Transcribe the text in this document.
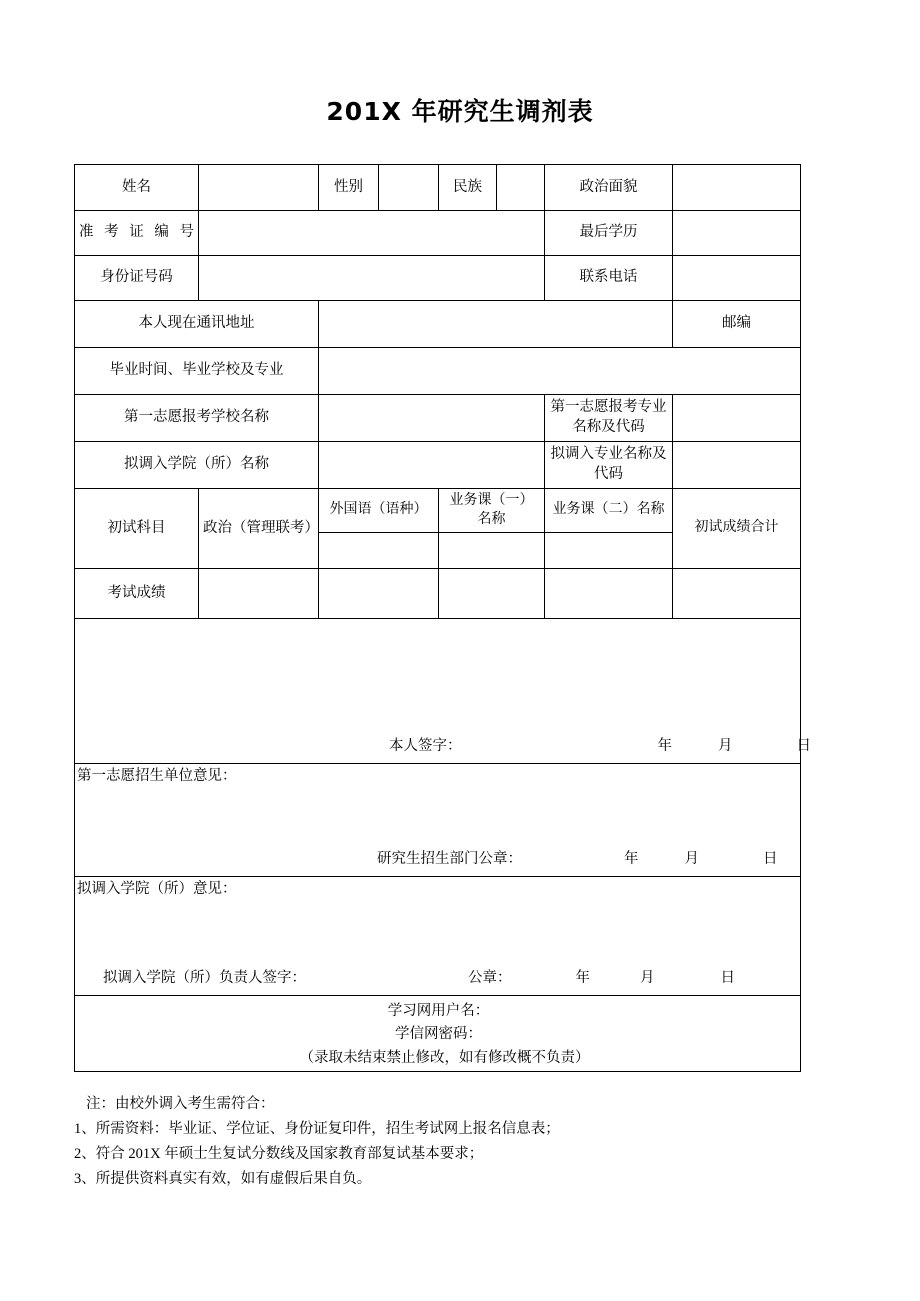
201X 年研究生调剂表
姓名		性别		民族		政治面貌	
准考证编号						最后学历	
身份证号码						联系电话	
本人现在通讯地址							邮编
毕业时间、毕业学校及专业							
第一志愿报考学校名称						第一志愿报考专业名称及代码	
拟调入学院（所）名称						拟调入专业名称及代码	
初试科目	政治（管理联考）	外国语（语种）		业务课（一）名称		业务课（二）名称	初试成绩合计

考试成绩							

本人签字： 年 月 日							

第一志愿招生单位意见：
研究生招生部门公章： 年 月 日							

拟调入学院（所）意见：
拟调入学院（所）负责人签字：	公章：	年	月	日

学习网用户名：
学信网密码：
（录取未结束禁止修改，如有修改概不负责）							
注：由校外调入考生需符合：
1、所需资料：毕业证、学位证、身份证复印件，招生考试网上报名信息表；
2、符合 201X 年硕士生复试分数线及国家教育部复试基本要求；
3、所提供资料真实有效，如有虚假后果自负。
